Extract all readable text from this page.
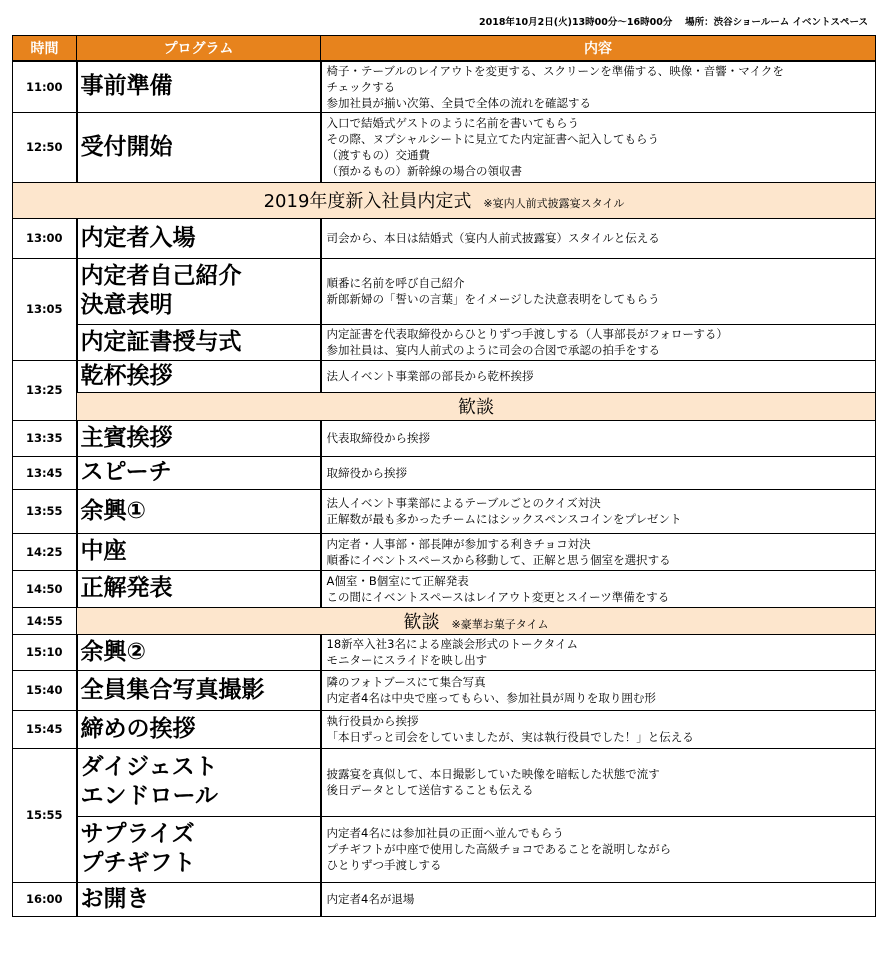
2018年10月2日(火)13時00分～16時00分　 場所：渋谷ショールーム イベントスペース
時間	プログラム	内容
11:00	事前準備	椅子・テーブルのレイアウトを変更する、スクリーンを準備する、映像・音響・マイクを
チェックする
参加社員が揃い次第、全員で全体の流れを確認する

12:50	受付開始	入口で結婚式ゲストのように名前を書いてもらう
その際、ヌプシャルシートに見立てた内定証書へ記入してもらう
（渡すもの）交通費
（預かるもの）新幹線の場合の領収書

2019年度新入社員内定式 ※宴内人前式披露宴スタイル		
13:00	内定者入場	司会から、本日は結婚式（宴内人前式披露宴）スタイルと伝える

13:05	内定者自己紹介
決意表明	順番に名前を呼び自己紹介
新郎新婦の「誓いの言葉」をイメージした決意表明をしてもらう

	内定証書授与式	内定証書を代表取締役からひとりずつ手渡しする（人事部長がフォローする）
参加社員は、宴内人前式のように司会の合図で承認の拍手をする

13:25	乾杯挨拶	法人イベント事業部の部長から乾杯挨拶

	歓談	
13:35	主賓挨拶	代表取締役から挨拶

13:45	スピーチ	取締役から挨拶

13:55	余興①	法人イベント事業部によるテーブルごとのクイズ対決
正解数が最も多かったチームにはシックスペンスコインをプレゼント

14:25	中座	内定者・人事部・部長陣が参加する利きチョコ対決
順番にイベントスペースから移動して、正解と思う個室を選択する

14:50	正解発表	A個室・B個室にて正解発表
この間にイベントスペースはレイアウト変更とスイーツ準備をする

14:55	歓談 ※豪華お菓子タイム	
15:10	余興②	18新卒入社3名による座談会形式のトークタイム
モニターにスライドを映し出す

15:40	全員集合写真撮影	隣のフォトブースにて集合写真
内定者4名は中央で座ってもらい、参加社員が周りを取り囲む形

15:45	締めの挨拶	執行役員から挨拶
「本日ずっと司会をしていましたが、実は執行役員でした！」と伝える

15:55	ダイジェスト
エンドロール	披露宴を真似して、本日撮影していた映像を暗転した状態で流す
後日データとして送信することも伝える

	サプライズ
プチギフト	内定者4名には参加社員の正面へ並んでもらう
プチギフトが中座で使用した高級チョコであることを説明しながら
ひとりずつ手渡しする

16:00	お開き	内定者4名が退場
